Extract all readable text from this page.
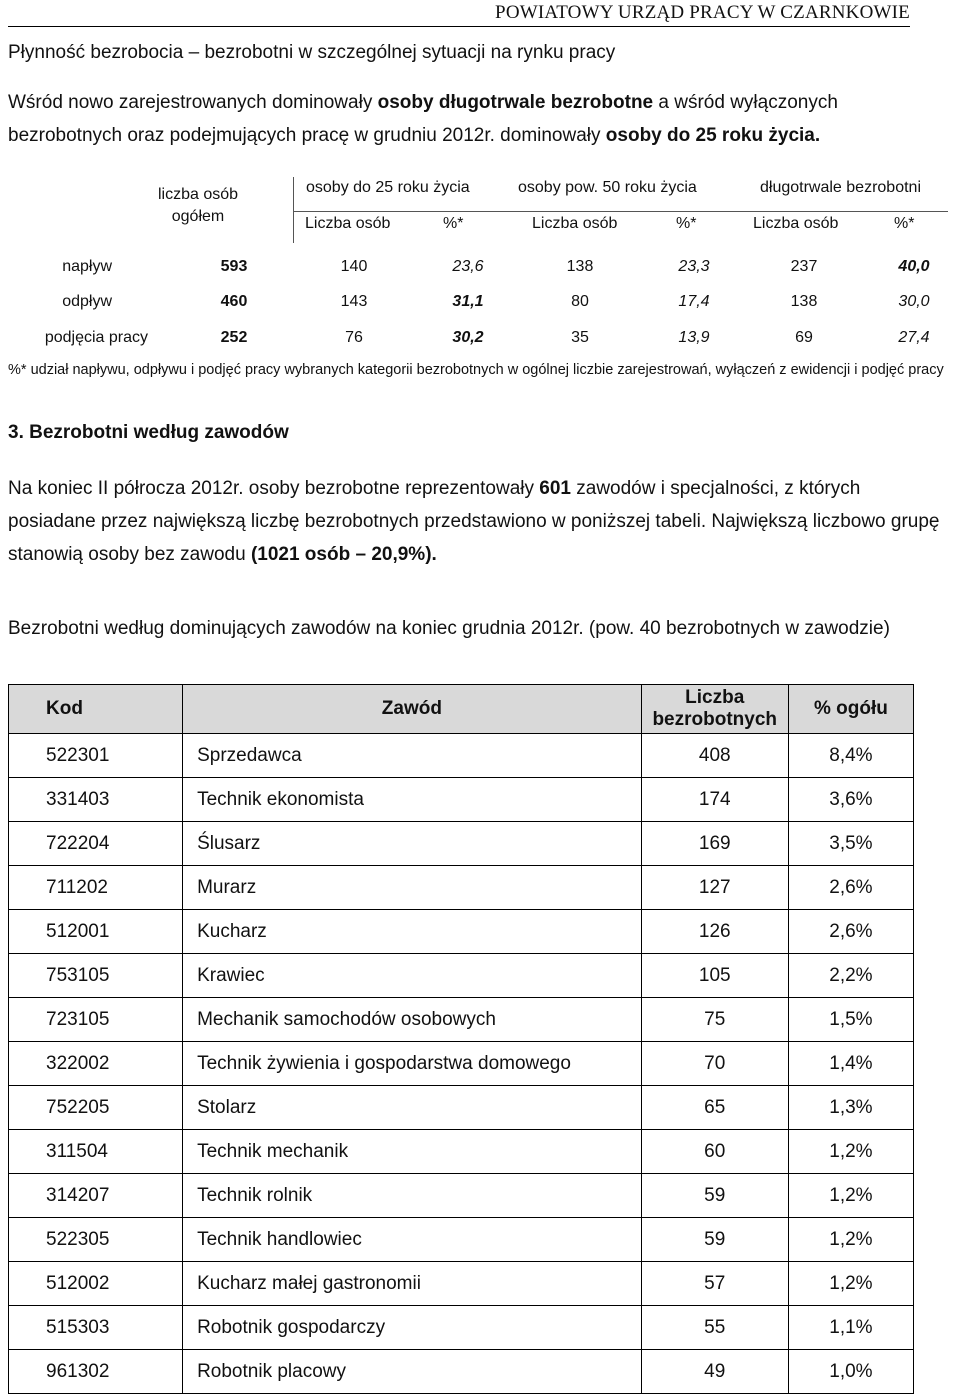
POWIATOWY URZĄD PRACY W CZARNKOWIE
Płynność bezrobocia – bezrobotni w szczególnej sytuacji na rynku pracy
Wśród nowo zarejestrowanych dominowały osoby długotrwale bezrobotne a wśród wyłączonych bezrobotnych oraz podejmujących pracę w grudniu 2012r. dominowały osoby do 25 roku życia.
liczba osób ogółem
osoby do 25 roku życia	osoby pow. 50 roku życia	długotrwale bezrobotni
Liczba osób	%*	Liczba osób	%*	Liczba osób	%*
napływ	593	140	23,6	138	23,3	237	40,0
odpływ	460	143	31,1	80	17,4	138	30,0
podjęcia pracy	252	76	30,2	35	13,9	69	27,4
%* udział napływu, odpływu i podjęć pracy wybranych kategorii bezrobotnych w ogólnej liczbie zarejestrowań, wyłączeń z ewidencji i podjęć pracy
3. Bezrobotni według zawodów
Na koniec II półrocza 2012r. osoby bezrobotne reprezentowały 601 zawodów i specjalności, z których posiadane przez największą liczbę bezrobotnych przedstawiono w poniższej tabeli. Największą liczbowo grupę stanowią osoby bez zawodu (1021 osób – 20,9%).
Bezrobotni według dominujących zawodów na koniec grudnia 2012r. (pow. 40 bezrobotnych w zawodzie)
Kod	Zawód	Liczba bezrobotnych	% ogółu
522301	Sprzedawca	408	8,4%
331403	Technik ekonomista	174	3,6%
722204	Ślusarz	169	3,5%
711202	Murarz	127	2,6%
512001	Kucharz	126	2,6%
753105	Krawiec	105	2,2%
723105	Mechanik samochodów osobowych	75	1,5%
322002	Technik żywienia i gospodarstwa domowego	70	1,4%
752205	Stolarz	65	1,3%
311504	Technik mechanik	60	1,2%
314207	Technik rolnik	59	1,2%
522305	Technik handlowiec	59	1,2%
512002	Kucharz małej gastronomii	57	1,2%
515303	Robotnik gospodarczy	55	1,1%
961302	Robotnik placowy	49	1,0%
